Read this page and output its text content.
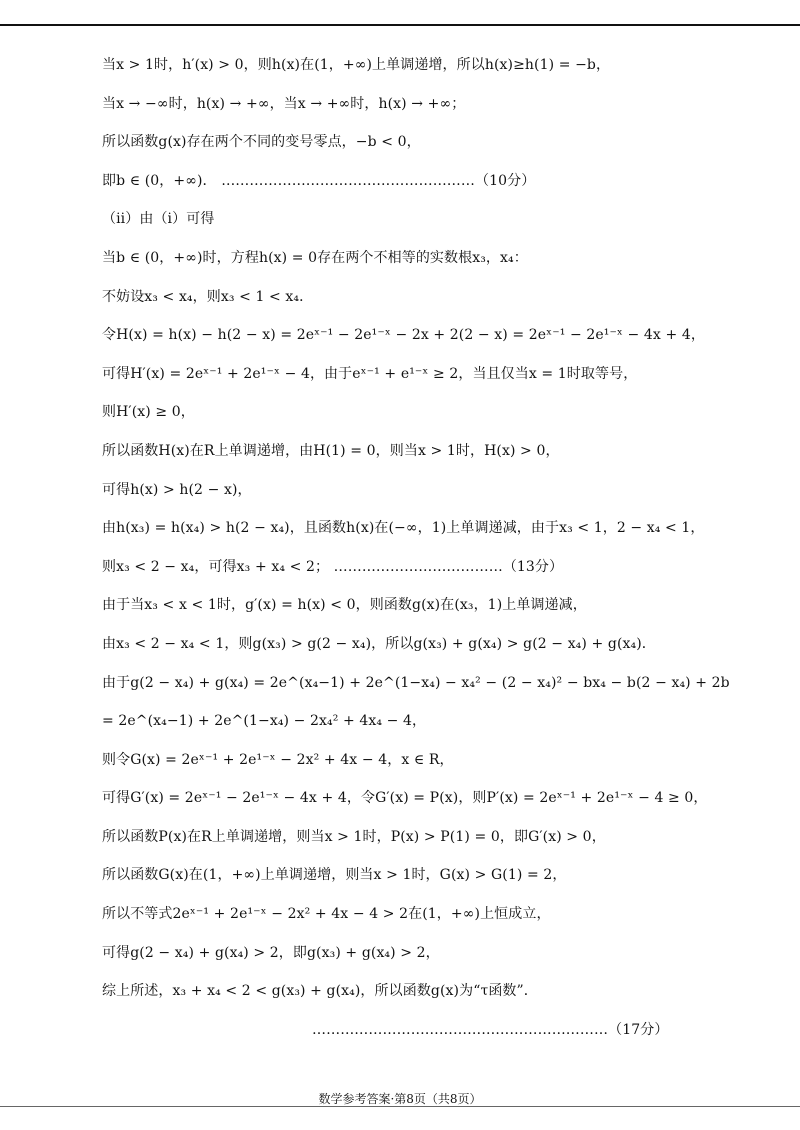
当x > 1时，h′(x) > 0，则h(x)在(1，+∞)上单调递增，所以h(x)≥h(1) = −b，
当x → −∞时，h(x) → +∞，当x → +∞时，h(x) → +∞；
所以函数g(x)存在两个不同的变号零点，−b < 0，
即b ∈ (0，+∞)． ………………………………………………（10分）
（ii）由（i）可得
当b ∈ (0，+∞)时，方程h(x) = 0存在两个不相等的实数根x₃，x₄：
不妨设x₃ < x₄，则x₃ < 1 < x₄．
令H(x) = h(x) − h(2 − x) = 2eˣ⁻¹ − 2e¹⁻ˣ − 2x + 2(2 − x) = 2eˣ⁻¹ − 2e¹⁻ˣ − 4x + 4，
可得H′(x) = 2eˣ⁻¹ + 2e¹⁻ˣ − 4，由于eˣ⁻¹ + e¹⁻ˣ ≥ 2，当且仅当x = 1时取等号，
则H′(x) ≥ 0，
所以函数H(x)在R上单调递增，由H(1) = 0，则当x > 1时，H(x) > 0，
可得h(x) > h(2 − x)，
由h(x₃) = h(x₄) > h(2 − x₄)，且函数h(x)在(−∞，1)上单调递减，由于x₃ < 1，2 − x₄ < 1，
则x₃ < 2 − x₄，可得x₃ + x₄ < 2； ………………………………（13分）
由于当x₃ < x < 1时，g′(x) = h(x) < 0，则函数g(x)在(x₃，1)上单调递减，
由x₃ < 2 − x₄ < 1，则g(x₃) > g(2 − x₄)，所以g(x₃) + g(x₄) > g(2 − x₄) + g(x₄)．
由于g(2 − x₄) + g(x₄) = 2e^(x₄−1) + 2e^(1−x₄) − x₄² − (2 − x₄)² − bx₄ − b(2 − x₄) + 2b
= 2e^(x₄−1) + 2e^(1−x₄) − 2x₄² + 4x₄ − 4，
则令G(x) = 2eˣ⁻¹ + 2e¹⁻ˣ − 2x² + 4x − 4，x ∈ R，
可得G′(x) = 2eˣ⁻¹ − 2e¹⁻ˣ − 4x + 4，令G′(x) = P(x)，则P′(x) = 2eˣ⁻¹ + 2e¹⁻ˣ − 4 ≥ 0，
所以函数P(x)在R上单调递增，则当x > 1时，P(x) > P(1) = 0，即G′(x) > 0，
所以函数G(x)在(1，+∞)上单调递增，则当x > 1时，G(x) > G(1) = 2，
所以不等式2eˣ⁻¹ + 2e¹⁻ˣ − 2x² + 4x − 4 > 2在(1，+∞)上恒成立，
可得g(2 − x₄) + g(x₄) > 2，即g(x₃) + g(x₄) > 2，
综上所述，x₃ + x₄ < 2 < g(x₃) + g(x₄)，所以函数g(x)为“τ函数”．
………………………………………………………（17分）
数学参考答案·第8页（共8页）
